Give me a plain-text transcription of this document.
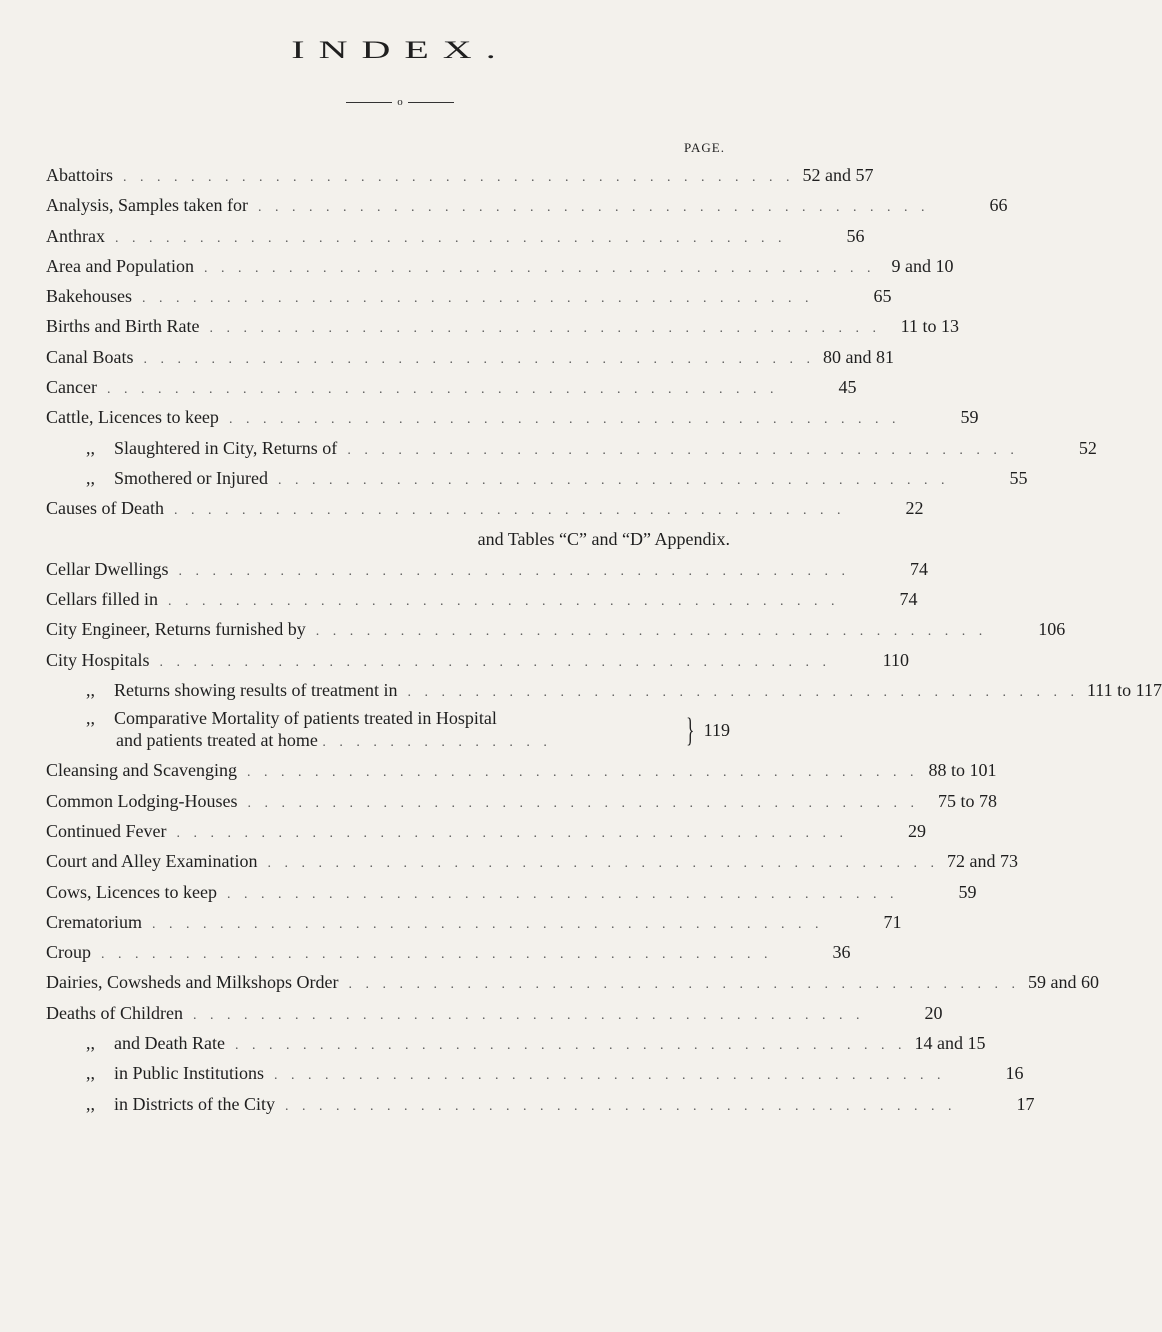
INDEX.
o
PAGE.
Abattoirs . . . . . . . . . . . . . . . . . . . . . . . . . . . . . . . . . . . . . . . . 52 and 57
Analysis, Samples taken for . . . . . . . . . . . . . . . . . . . . . . . . . . . . . . . . . . . . . . . .	66
Anthrax . . . . . . . . . . . . . . . . . . . . . . . . . . . . . . . . . . . . . . . .	56
Area and Population . . . . . . . . . . . . . . . . . . . . . . . . . . . . . . . . . . . . . . . . 9 and 10
Bakehouses . . . . . . . . . . . . . . . . . . . . . . . . . . . . . . . . . . . . . . . .	65
Births and Birth Rate . . . . . . . . . . . . . . . . . . . . . . . . . . . . . . . . . . . . . . . .	11 to 13
Canal Boats . . . . . . . . . . . . . . . . . . . . . . . . . . . . . . . . . . . . . . . . 80 and 81
Cancer . . . . . . . . . . . . . . . . . . . . . . . . . . . . . . . . . . . . . . . .	45
Cattle, Licences to keep . . . . . . . . . . . . . . . . . . . . . . . . . . . . . . . . . . . . . . . .	59
,, Slaughtered in City, Returns of . . . . . . . . . . . . . . . . . . . . . . . . . . . . . . . . . . . . . . . .	52
,, Smothered or Injured . . . . . . . . . . . . . . . . . . . . . . . . . . . . . . . . . . . . . . . .	55
Causes of Death . . . . . . . . . . . . . . . . . . . . . . . . . . . . . . . . . . . . . . . .	22
and Tables “C” and “D” Appendix.
Cellar Dwellings . . . . . . . . . . . . . . . . . . . . . . . . . . . . . . . . . . . . . . . .	74
Cellars filled in . . . . . . . . . . . . . . . . . . . . . . . . . . . . . . . . . . . . . . . .	74
City Engineer, Returns furnished by . . . . . . . . . . . . . . . . . . . . . . . . . . . . . . . . . . . . . . . .	106
City Hospitals . . . . . . . . . . . . . . . . . . . . . . . . . . . . . . . . . . . . . . . .	110
,, Returns showing results of treatment in . . . . . . . . . . . . . . . . . . . . . . . . . . . . . . . . . . . . . . . . 111 to 117
,, Comparative Mortality of patients treated in Hospital
and patients treated at home . . . . . . . . . . . . . .	} 119
Cleansing and Scavenging . . . . . . . . . . . . . . . . . . . . . . . . . . . . . . . . . . . . . . . . 88 to 101
Common Lodging-Houses . . . . . . . . . . . . . . . . . . . . . . . . . . . . . . . . . . . . . . . .	75 to 78
Continued Fever . . . . . . . . . . . . . . . . . . . . . . . . . . . . . . . . . . . . . . . .	29
Court and Alley Examination . . . . . . . . . . . . . . . . . . . . . . . . . . . . . . . . . . . . . . . . 72 and 73
Cows, Licences to keep . . . . . . . . . . . . . . . . . . . . . . . . . . . . . . . . . . . . . . . .	59
Crematorium . . . . . . . . . . . . . . . . . . . . . . . . . . . . . . . . . . . . . . . .	71
Croup . . . . . . . . . . . . . . . . . . . . . . . . . . . . . . . . . . . . . . . .	36
Dairies, Cowsheds and Milkshops Order . . . . . . . . . . . . . . . . . . . . . . . . . . . . . . . . . . . . . . . . 59 and 60
Deaths of Children . . . . . . . . . . . . . . . . . . . . . . . . . . . . . . . . . . . . . . . .	20
,, and Death Rate . . . . . . . . . . . . . . . . . . . . . . . . . . . . . . . . . . . . . . . . 14 and 15
,, in Public Institutions . . . . . . . . . . . . . . . . . . . . . . . . . . . . . . . . . . . . . . . .	16
,, in Districts of the City . . . . . . . . . . . . . . . . . . . . . . . . . . . . . . . . . . . . . . . .	17
